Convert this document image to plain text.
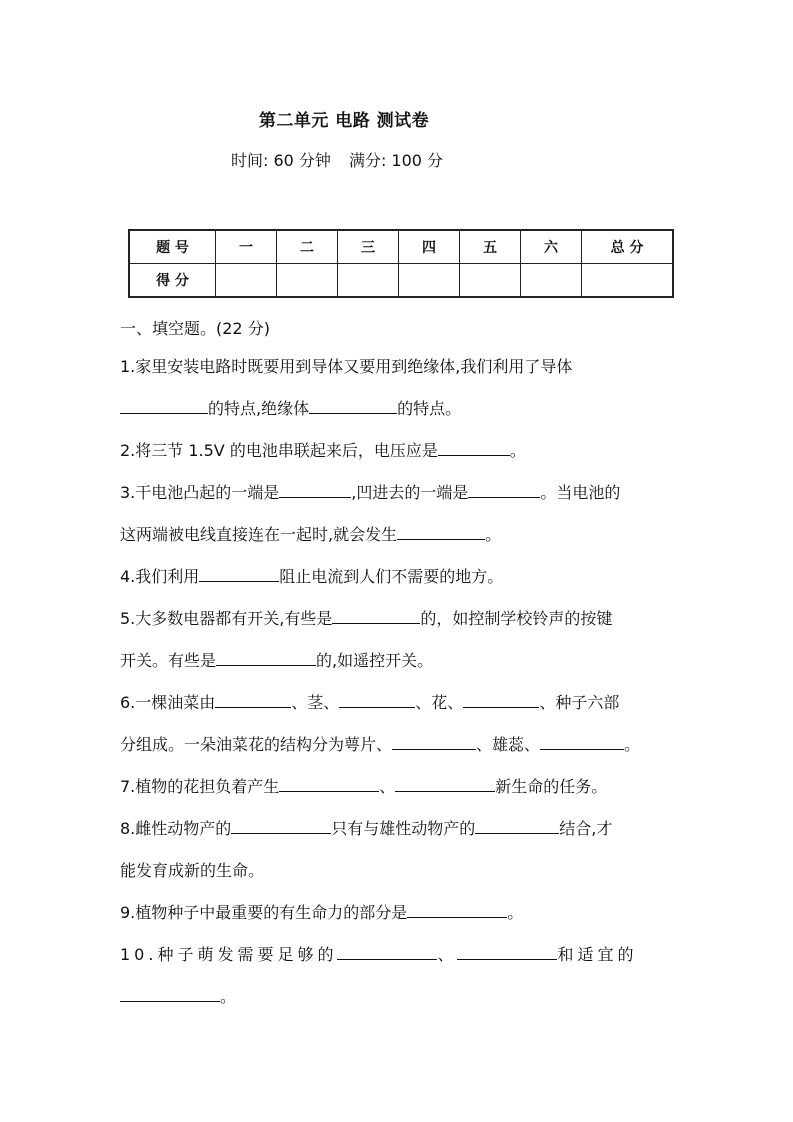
第二单元 电路 测试卷
时间: 60 分钟 满分: 100 分
题 号	一	二	三	四	五	六	总 分
得 分							
一、填空题。(22 分)
1.家里安装电路时既要用到导体又要用到绝缘体,我们利用了导体
的特点,绝缘体	的特点。
2.将三节 1.5V 的电池串联起来后，电压应是	。
3.干电池凸起的一端是	,凹进去的一端是	。当电池的
这两端被电线直接连在一起时,就会发生	。
4.我们利用	阻止电流到人们不需要的地方。
5.大多数电器都有开关,有些是	的，如控制学校铃声的按键
开关。有些是	的,如遥控开关。
6.一棵油菜由	、茎、	、花、	、种子六部
分组成。一朵油菜花的结构分为萼片、	、雄蕊、	。
7.植物的花担负着产生	、	新生命的任务。
8.雌性动物产的	只有与雄性动物产的	结合,才
能发育成新的生命。
9.植物种子中最重要的有生命力的部分是	。
10.种子萌发需要足够的	、	和适宜的
。
